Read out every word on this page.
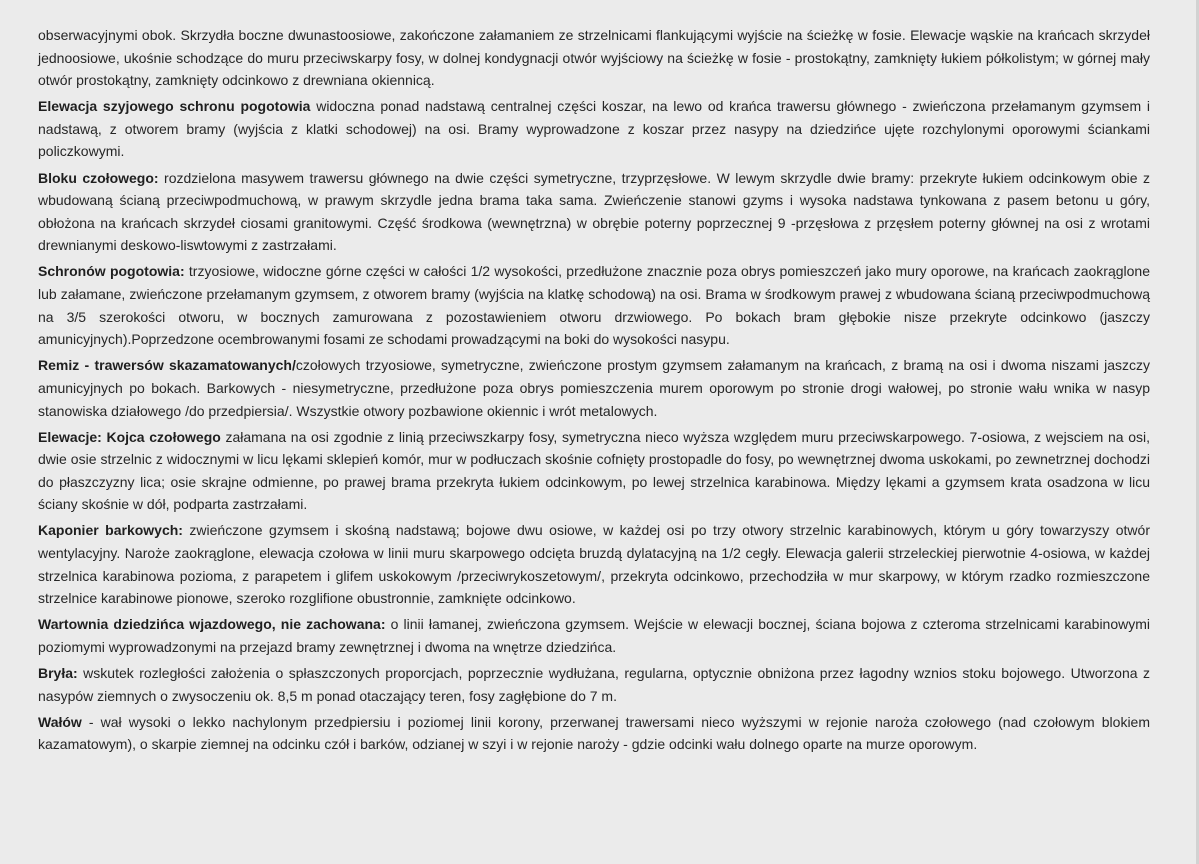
obserwacyjnymi obok. Skrzydła boczne dwunastoosiowe, zakończone załamaniem ze strzelnicami flankującymi wyjście na ścieżkę w fosie. Elewacje wąskie na krańcach skrzydeł jednoosiowe, ukośnie schodzące do muru przeciwskarpy fosy, w dolnej kondygnacji otwór wyjściowy na ścieżkę w fosie - prostokątny, zamknięty łukiem półkolistym; w górnej mały otwór prostokątny, zamknięty odcinkowo z drewniana okiennicą.

Elewacja szyjowego schronu pogotowia widoczna ponad nadstawą centralnej części koszar, na lewo od krańca trawersu głównego - zwieńczona przełamanym gzymsem i nadstawą, z otworem bramy (wyjścia z klatki schodowej) na osi. Bramy wyprowadzone z koszar przez nasypy na dziedzińce ujęte rozchylonymi oporowymi ściankami policzkowymi.

Bloku czołowego: rozdzielona masywem trawersu głównego na dwie części symetryczne, trzyprzęsłowe. W lewym skrzydle dwie bramy: przekryte łukiem odcinkowym obie z wbudowaną ścianą przeciwpodmuchową, w prawym skrzydle jedna brama taka sama. Zwieńczenie stanowi gzyms i wysoka nadstawa tynkowana z pasem betonu u góry, obłożona na krańcach skrzydeł ciosami granitowymi. Część środkowa (wewnętrzna) w obrębie poterny poprzecznej 9 -przęsłowa z przęsłem poterny głównej na osi z wrotami drewnianymi deskowo-liswtowymi z zastrzałami.

Schronów pogotowia: trzyosiowe, widoczne górne części w całości 1/2 wysokości, przedłużone znacznie poza obrys pomieszczeń jako mury oporowe, na krańcach zaokrąglone lub załamane, zwieńczone przełamanym gzymsem, z otworem bramy (wyjścia na klatkę schodową) na osi. Brama w środkowym prawej z wbudowana ścianą przeciwpodmuchową na 3/5 szerokości otworu, w bocznych zamurowana z pozostawieniem otworu drzwiowego. Po bokach bram głębokie nisze przekryte odcinkowo (jaszczy amunicyjnych).Poprzedzone ocembrowanymi fosami ze schodami prowadzącymi na boki do wysokości nasypu.

Remiz - trawersów skazamatowanych/czołowych trzyosiowe, symetryczne, zwieńczone prostym gzymsem załamanym na krańcach, z bramą na osi i dwoma niszami jaszczy amunicyjnych po bokach. Barkowych - niesymetryczne, przedłużone poza obrys pomieszczenia murem oporowym po stronie drogi wałowej, po stronie wału wnika w nasyp stanowiska działowego /do przedpiersia/. Wszystkie otwory pozbawione okiennic i wrót metalowych.

Elewacje: Kojca czołowego załamana na osi zgodnie z linią przeciwszkarpy fosy, symetryczna nieco wyższa względem muru przeciwskarpowego. 7-osiowa, z wejsciem na osi, dwie osie strzelnic z widocznymi w licu lękami sklepień komór, mur w podłuczach skośnie cofnięty prostopadle do fosy, po wewnętrznej dwoma uskokami, po zewnetrznej dochodzi do płaszczyzny lica; osie skrajne odmienne, po prawej brama przekryta łukiem odcinkowym, po lewej strzelnica karabinowa. Między lękami a gzymsem krata osadzona w licu ściany skośnie w dół, podparta zastrzałami.

Kaponier barkowych: zwieńczone gzymsem i skośną nadstawą; bojowe dwu osiowe, w każdej osi po trzy otwory strzelnic karabinowych, którym u góry towarzyszy otwór wentylacyjny. Naroże zaokrąglone, elewacja czołowa w linii muru skarpowego odcięta bruzdą dylatacyjną na 1/2 cegły. Elewacja galerii strzeleckiej pierwotnie 4-osiowa, w każdej strzelnica karabinowa pozioma, z parapetem i glifem uskokowym /przeciwrykoszetowym/, przekryta odcinkowo, przechodziła w mur skarpowy, w którym rzadko rozmieszczone strzelnice karabinowe pionowe, szeroko rozglifione obustronnie, zamknięte odcinkowo.

Wartownia dziedzińca wjazdowego, nie zachowana: o linii łamanej, zwieńczona gzymsem. Wejście w elewacji bocznej, ściana bojowa z czteroma strzelnicami karabinowymi poziomymi wyprowadzonymi na przejazd bramy zewnętrznej i dwoma na wnętrze dziedzińca.

Bryła: wskutek rozległości założenia o spłaszczonych proporcjach, poprzecznie wydłużana, regularna, optycznie obniżona przez łagodny wznios stoku bojowego. Utworzona z nasypów ziemnych o zwysoczeniu ok. 8,5 m ponad otaczający teren, fosy zagłębione do 7 m.

Wałów - wał wysoki o lekko nachylonym przedpiersiu i poziomej linii korony, przerwanej trawersami nieco wyższymi w rejonie naroża czołowego (nad czołowym blokiem kazamatowym), o skarpie ziemnej na odcinku czół i barków, odzianej w szyi i w rejonie naroży - gdzie odcinki wału dolnego oparte na murze oporowym.
